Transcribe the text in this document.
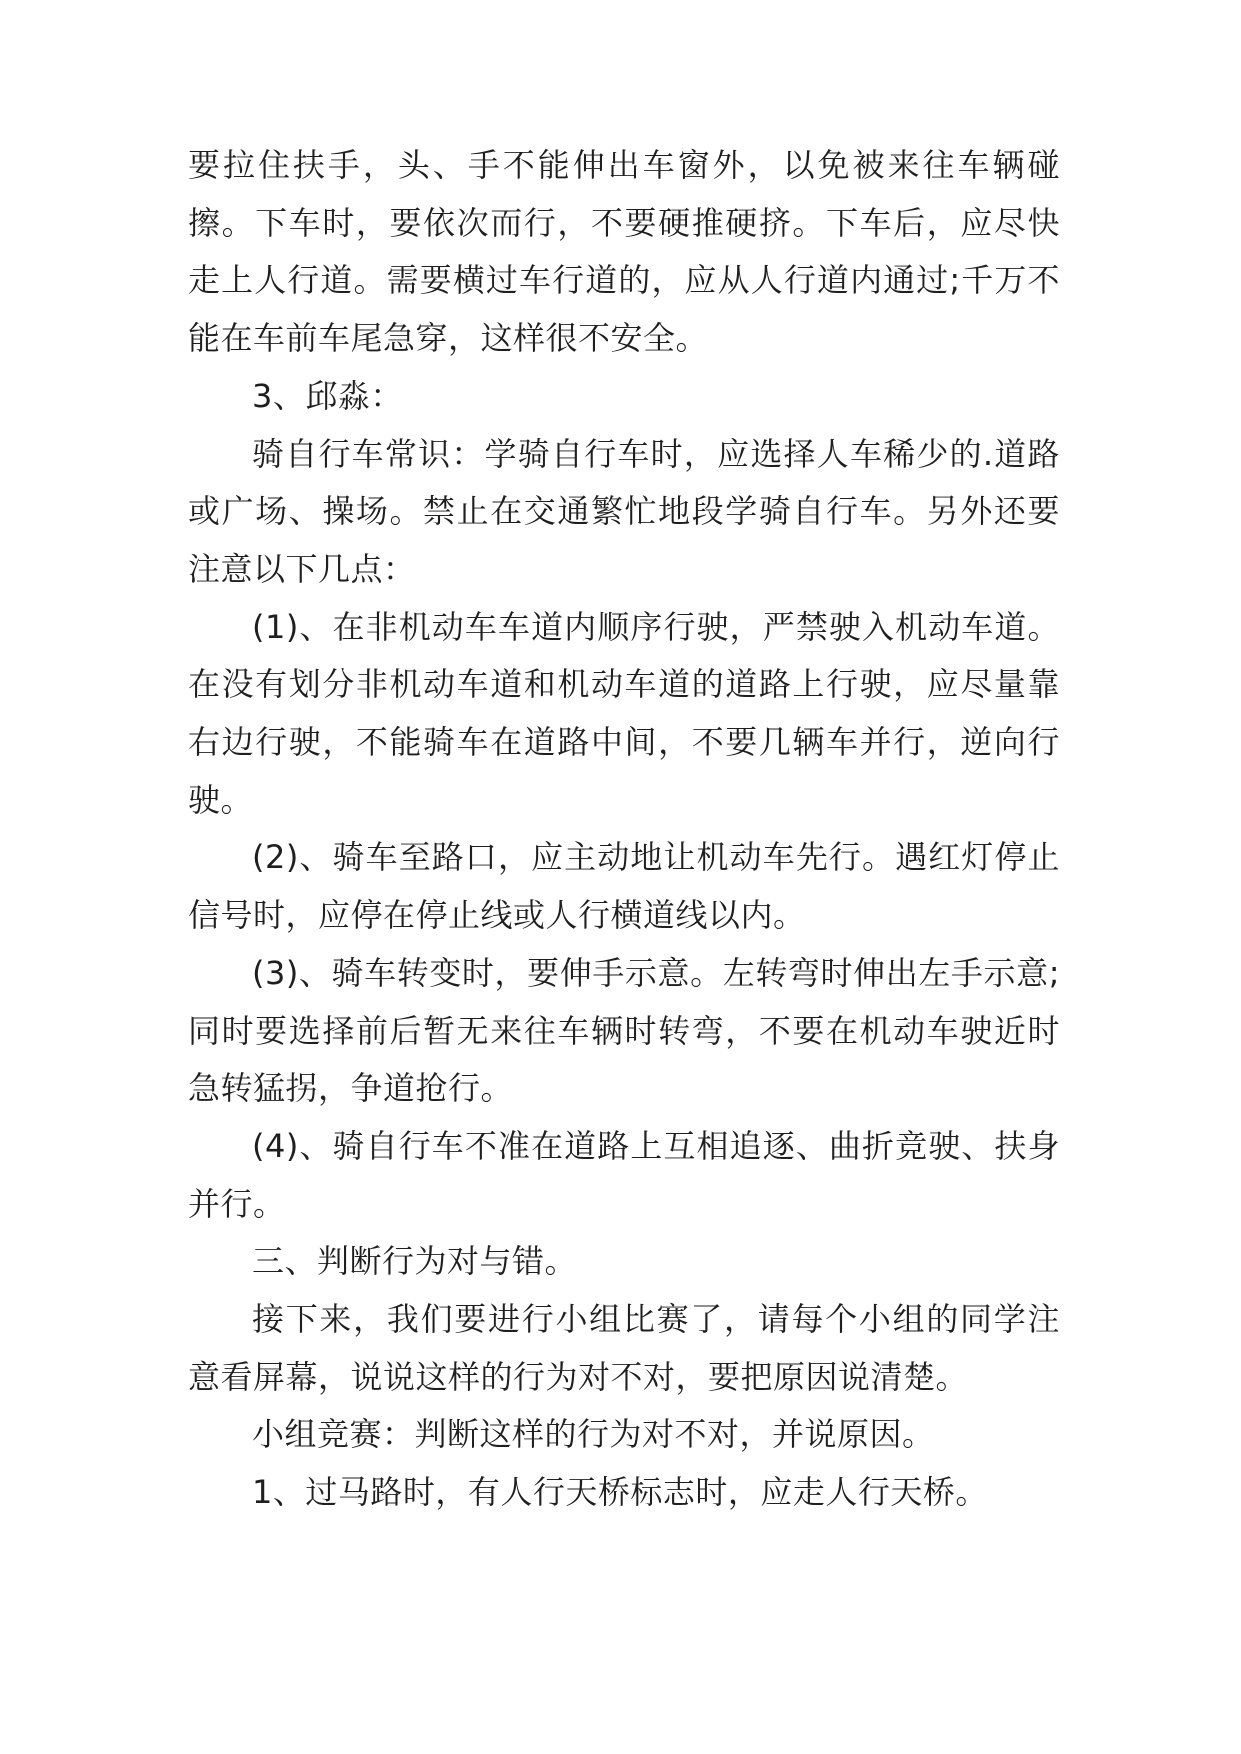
要拉住扶手，头、手不能伸出车窗外，以免被来往车辆碰擦。下车时，要依次而行，不要硬推硬挤。下车后，应尽快走上人行道。需要横过车行道的，应从人行道内通过;千万不能在车前车尾急穿，这样很不安全。

3、邱淼：

骑自行车常识：学骑自行车时，应选择人车稀少的.道路或广场、操场。禁止在交通繁忙地段学骑自行车。另外还要注意以下几点：

(1)、在非机动车车道内顺序行驶，严禁驶入机动车道。在没有划分非机动车道和机动车道的道路上行驶，应尽量靠右边行驶，不能骑车在道路中间，不要几辆车并行，逆向行驶。

(2)、骑车至路口，应主动地让机动车先行。遇红灯停止信号时，应停在停止线或人行横道线以内。

(3)、骑车转变时，要伸手示意。左转弯时伸出左手示意;同时要选择前后暂无来往车辆时转弯，不要在机动车驶近时急转猛拐，争道抢行。

(4)、骑自行车不准在道路上互相追逐、曲折竞驶、扶身并行。

三、判断行为对与错。

接下来，我们要进行小组比赛了，请每个小组的同学注意看屏幕，说说这样的行为对不对，要把原因说清楚。

小组竞赛：判断这样的行为对不对，并说原因。

1、过马路时，有人行天桥标志时，应走人行天桥。
